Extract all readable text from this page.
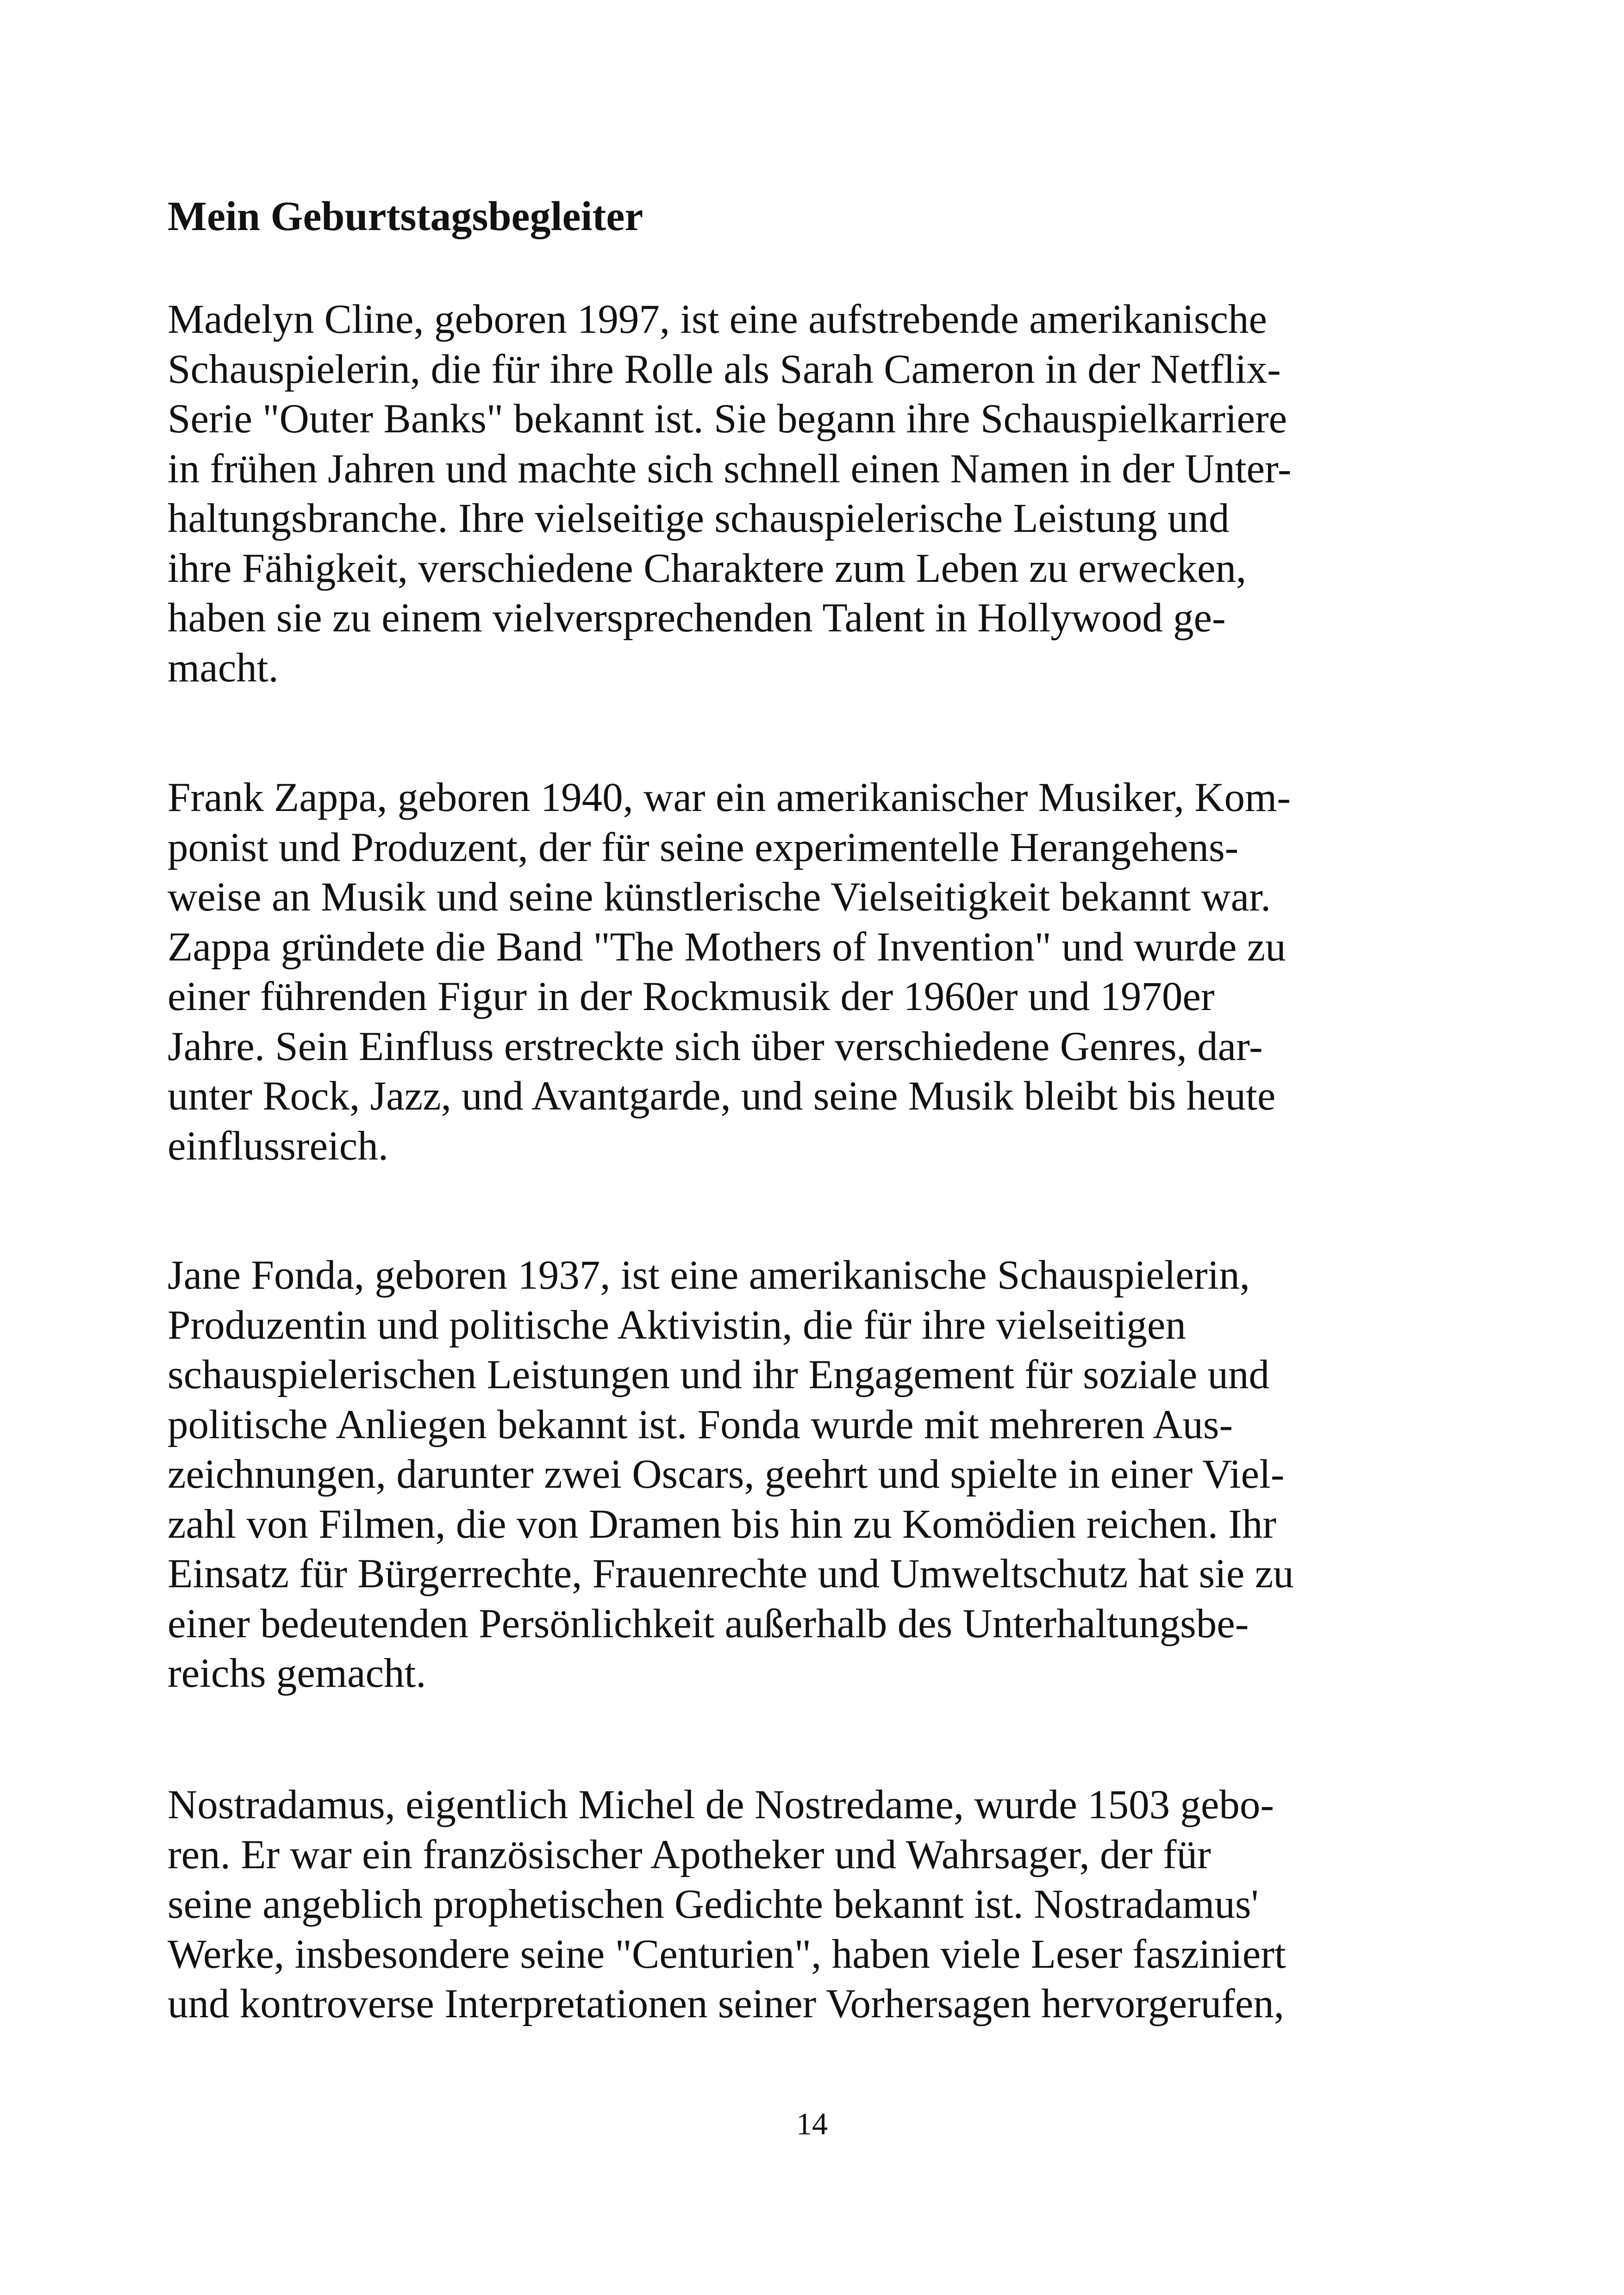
Mein Geburtstagsbegleiter

Madelyn Cline, geboren 1997, ist eine aufstrebende amerikanische
Schauspielerin, die für ihre Rolle als Sarah Cameron in der Netflix-
Serie "Outer Banks" bekannt ist. Sie begann ihre Schauspielkarriere
in frühen Jahren und machte sich schnell einen Namen in der Unter-
haltungsbranche. Ihre vielseitige schauspielerische Leistung und
ihre Fähigkeit, verschiedene Charaktere zum Leben zu erwecken,
haben sie zu einem vielversprechenden Talent in Hollywood ge-
macht.

Frank Zappa, geboren 1940, war ein amerikanischer Musiker, Kom-
ponist und Produzent, der für seine experimentelle Herangehens-
weise an Musik und seine künstlerische Vielseitigkeit bekannt war.
Zappa gründete die Band "The Mothers of Invention" und wurde zu
einer führenden Figur in der Rockmusik der 1960er und 1970er
Jahre. Sein Einfluss erstreckte sich über verschiedene Genres, dar-
unter Rock, Jazz, und Avantgarde, und seine Musik bleibt bis heute
einflussreich.

Jane Fonda, geboren 1937, ist eine amerikanische Schauspielerin,
Produzentin und politische Aktivistin, die für ihre vielseitigen
schauspielerischen Leistungen und ihr Engagement für soziale und
politische Anliegen bekannt ist. Fonda wurde mit mehreren Aus-
zeichnungen, darunter zwei Oscars, geehrt und spielte in einer Viel-
zahl von Filmen, die von Dramen bis hin zu Komödien reichen. Ihr
Einsatz für Bürgerrechte, Frauenrechte und Umweltschutz hat sie zu
einer bedeutenden Persönlichkeit außerhalb des Unterhaltungsbe-
reichs gemacht.

Nostradamus, eigentlich Michel de Nostredame, wurde 1503 gebo-
ren. Er war ein französischer Apotheker und Wahrsager, der für
seine angeblich prophetischen Gedichte bekannt ist. Nostradamus'
Werke, insbesondere seine "Centurien", haben viele Leser fasziniert
und kontroverse Interpretationen seiner Vorhersagen hervorgerufen,

14
